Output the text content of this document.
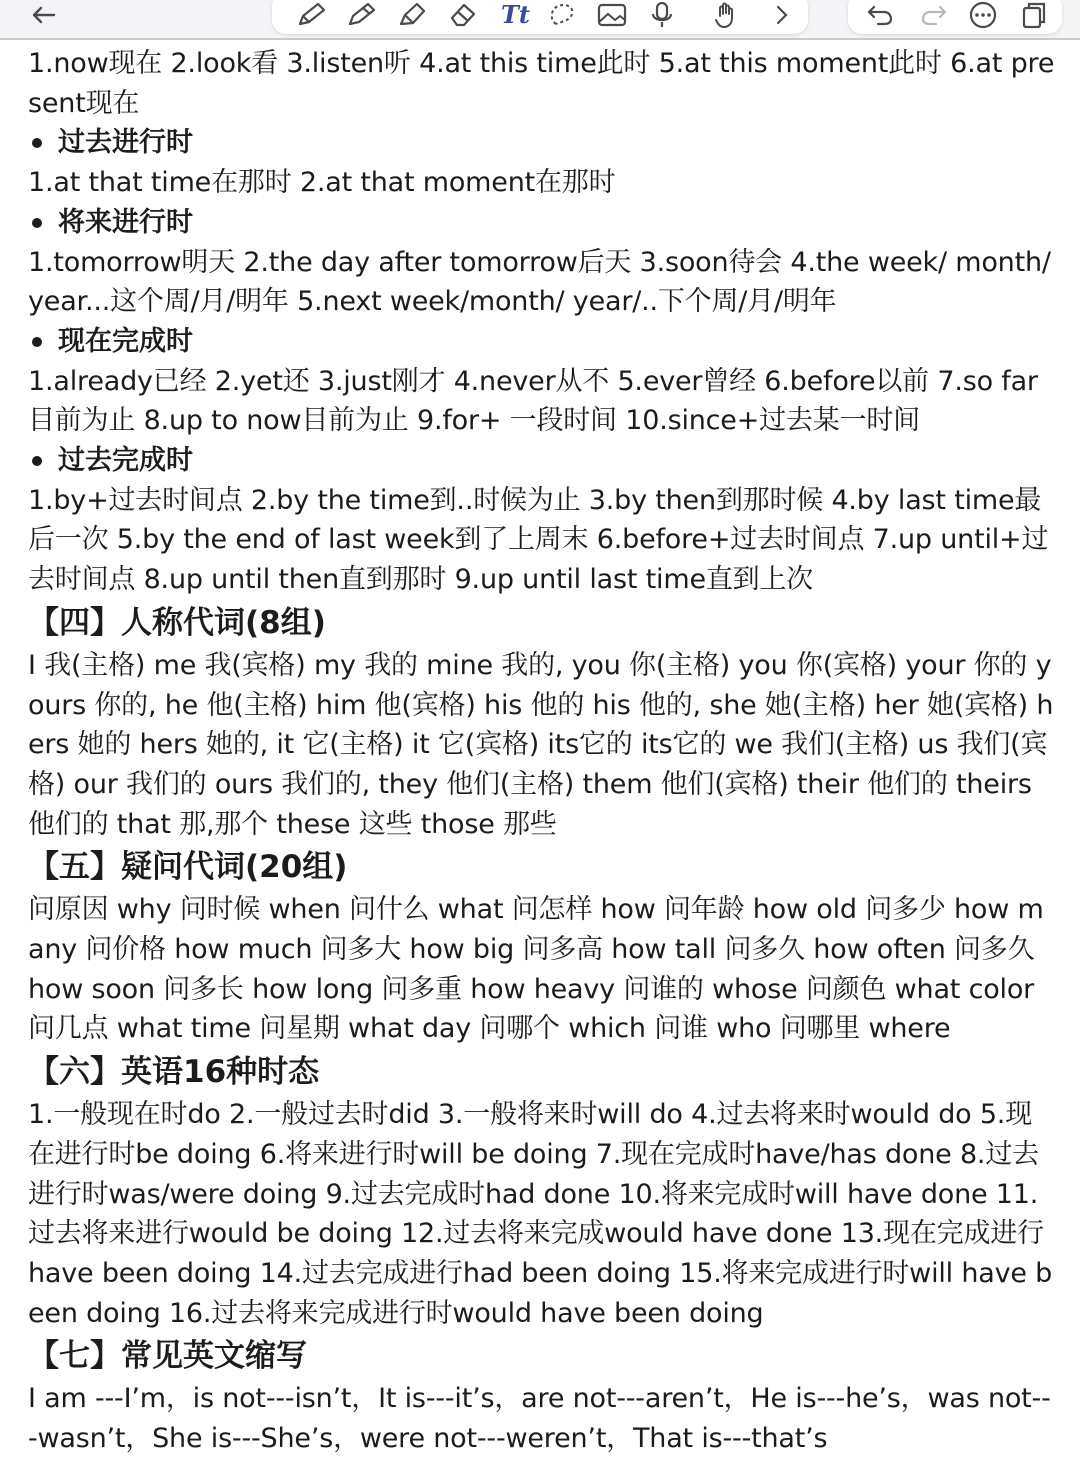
Tt

1.now现在 2.look看 3.listen听 4.at this time此时 5.at this moment此时 6.at present现在

过去进行时

1.at that time在那时 2.at that moment在那时

将来进行时

1.tomorrow明天 2.the day after tomorrow后天 3.soon待会 4.the week/ month/ year...这个周/月/明年 5.next week/month/ year/..下个周/月/明年

现在完成时

1.already已经 2.yet还 3.just刚才 4.never从不 5.ever曾经 6.before以前 7.so far目前为止 8.up to now目前为止 9.for+ 一段时间 10.since+过去某一时间

过去完成时

1.by+过去时间点 2.by the time到..时候为止 3.by then到那时候 4.by last time最后一次 5.by the end of last week到了上周末 6.before+过去时间点 7.up until+过去时间点 8.up until then直到那时 9.up until last time直到上次

【四】人称代词(8组)

I 我(主格) me 我(宾格) my 我的 mine 我的, you 你(主格) you 你(宾格) your 你的 yours 你的, he 他(主格) him 他(宾格) his 他的 his 他的, she 她(主格) her 她(宾格) hers 她的 hers 她的, it 它(主格) it 它(宾格) its它的 its它的 we 我们(主格) us 我们(宾格) our 我们的 ours 我们的, they 他们(主格) them 他们(宾格) their 他们的 theirs 他们的 that 那,那个 these 这些 those 那些

【五】疑问代词(20组)

问原因 why 问时候 when 问什么 what 问怎样 how 问年龄 how old 问多少 how many 问价格 how much 问多大 how big 问多高 how tall 问多久 how often 问多久 how soon 问多长 how long 问多重 how heavy 问谁的 whose 问颜色 what color 问几点 what time 问星期 what day 问哪个 which 问谁 who 问哪里 where

【六】英语16种时态

1.一般现在时do 2.一般过去时did 3.一般将来时will do 4.过去将来时would do 5.现在进行时be doing 6.将来进行时will be doing 7.现在完成时have/has done 8.过去进行时was/were doing 9.过去完成时had done 10.将来完成时will have done 11.过去将来进行would be doing 12.过去将来完成would have done 13.现在完成进行have been doing 14.过去完成进行had been doing 15.将来完成进行时will have been doing 16.过去将来完成进行时would have been doing

【七】常见英文缩写

I am ---I’m，is not---isn’t，It is---it’s，are not---aren’t，He is---he’s，was not---wasn’t，She is---She’s，were not---weren’t，That is---that’s
